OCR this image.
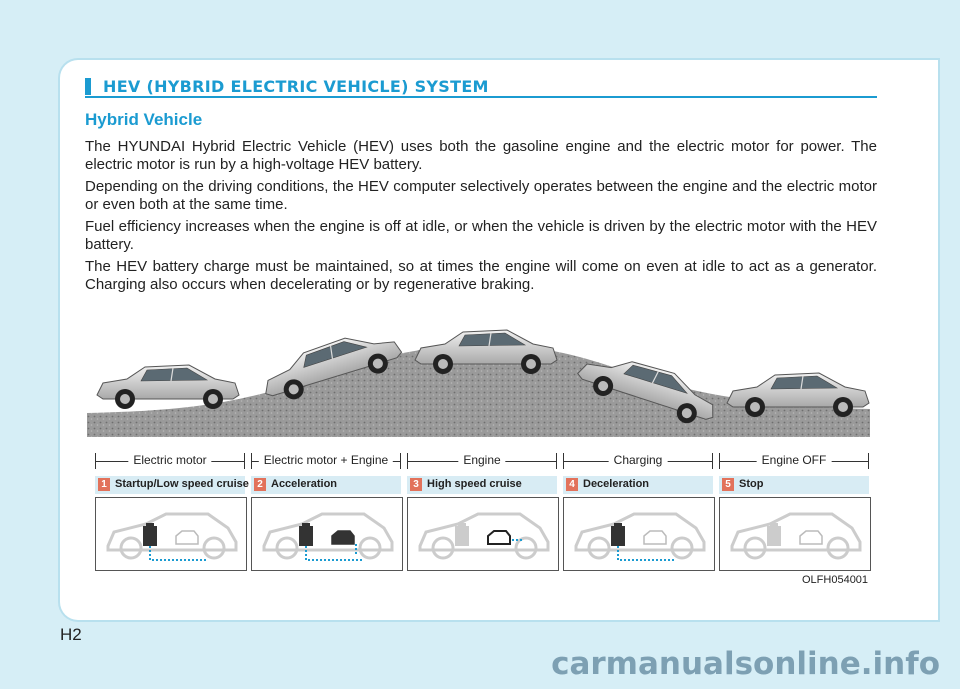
HEV (HYBRID ELECTRIC VEHICLE) SYSTEM
Hybrid Vehicle

The HYUNDAI Hybrid Electric Vehicle (HEV) uses both the gasoline engine and the electric motor for power. The electric motor is run by a high-voltage HEV battery.

Depending on the driving conditions, the HEV computer selectively operates between the engine and the electric motor or even both at the same time.

Fuel efficiency increases when the engine is off at idle, or when the vehicle is driven by the electric motor with the HEV battery.

The HEV battery charge must be maintained, so at times the engine will come on even at idle to act as a generator. Charging also occurs when decelerating or by regenerative braking.

Electric motor	Electric motor + Engine	Engine	Charging	Engine OFF
1 Startup/Low speed cruise 2 Acceleration	3 High speed cruise	4 Deceleration	5 Stop
OLFH054001
H2
carmanualsonline.info
